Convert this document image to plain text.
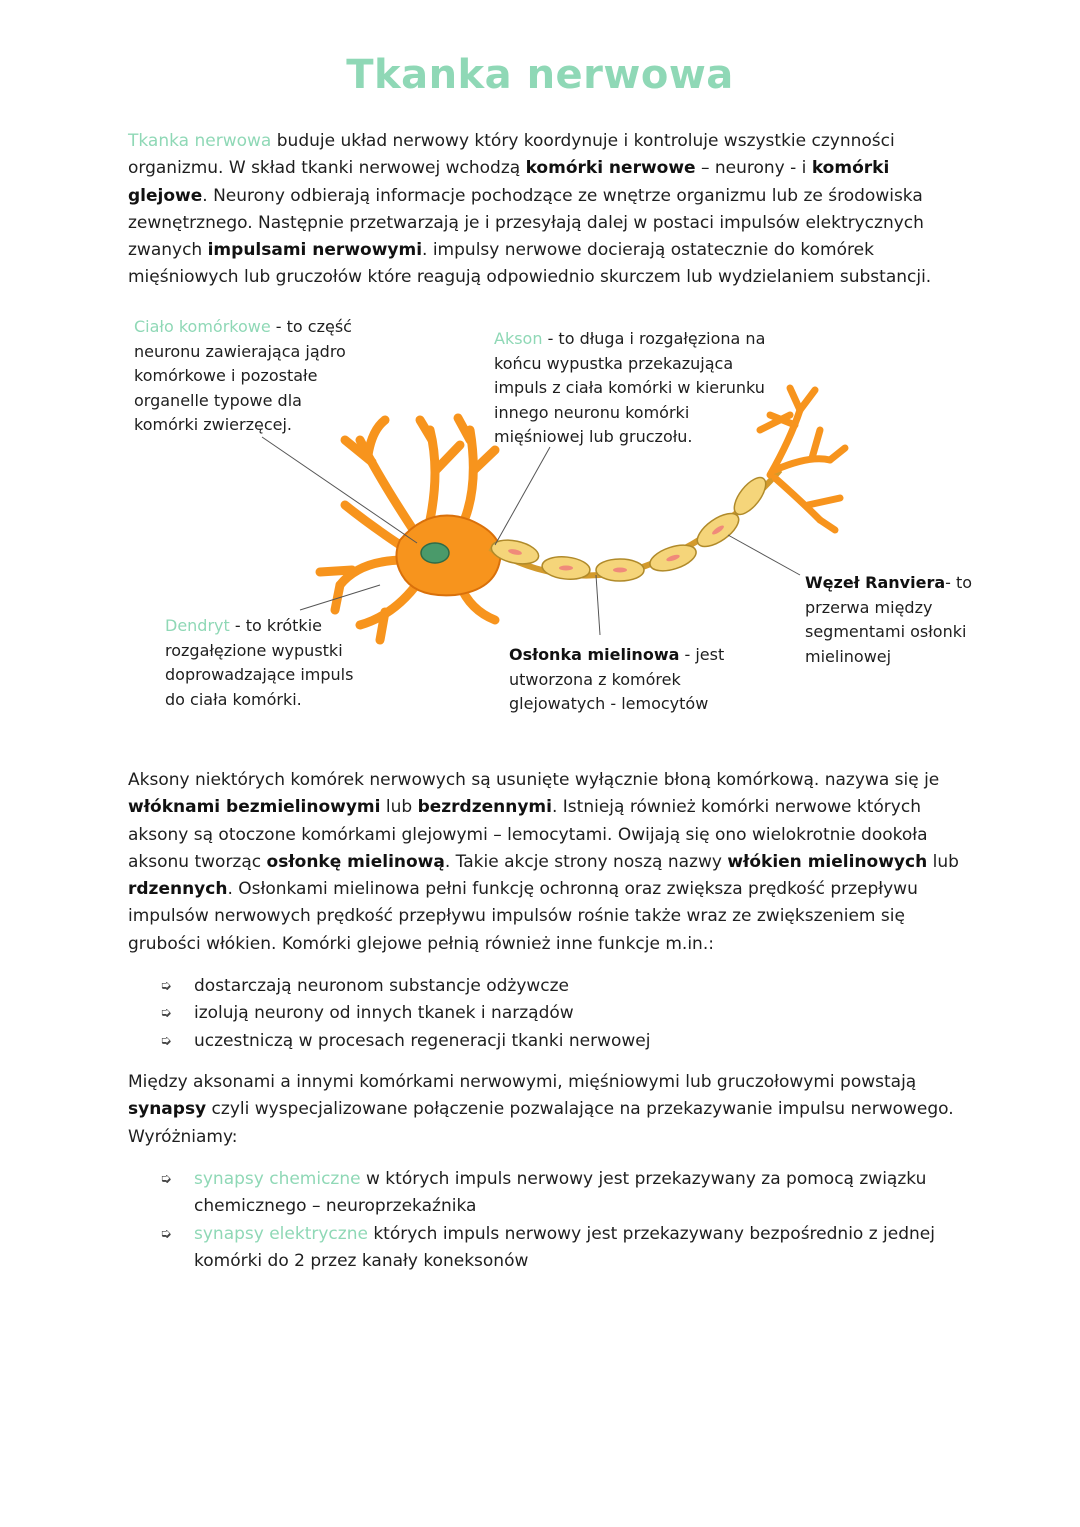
Tkanka nerwowa

Tkanka nerwowa buduje układ nerwowy który koordynuje i kontroluje wszystkie czynności organizmu. W skład tkanki nerwowej wchodzą komórki nerwowe – neurony - i komórki glejowe. Neurony odbierają informacje pochodzące ze wnętrze organizmu lub ze środowiska zewnętrznego. Następnie przetwarzają je i przesyłają dalej w postaci impulsów elektrycznych zwanych impulsami nerwowymi. impulsy nerwowe docierają ostatecznie do komórek mięśniowych lub gruczołów które reagują odpowiednio skurczem lub wydzielaniem substancji.

Ciało komórkowe - to część neuronu zawierająca jądro komórkowe i pozostałe organelle typowe dla komórki zwierzęcej.

Akson - to długa i rozgałęziona na końcu wypustka przekazująca impuls z ciała komórki w kierunku innego neuronu komórki mięśniowej lub gruczołu.

Dendryt - to krótkie rozgałęzione wypustki doprowadzające impuls do ciała komórki.

Osłonka mielinowa - jest utworzona z komórek glejowatych - lemocytów

Węzeł Ranviera- to przerwa między segmentami osłonki mielinowej

Aksony niektórych komórek nerwowych są usunięte wyłącznie błoną komórkową. nazywa się je włóknami bezmielinowymi lub bezrdzennymi. Istnieją również komórki nerwowe których aksony są otoczone komórkami glejowymi – lemocytami. Owijają się ono wielokrotnie dookoła aksonu tworząc osłonkę mielinową. Takie akcje strony noszą nazwy włókien mielinowych lub rdzennych. Osłonkami mielinowa pełni funkcję ochronną oraz zwiększa prędkość przepływu impulsów nerwowych prędkość przepływu impulsów rośnie także wraz ze zwiększeniem się grubości włókien. Komórki glejowe pełnią również inne funkcje m.in.:

➭ dostarczają neuronom substancje odżywcze
➭ izolują neurony od innych tkanek i narządów
➭ uczestniczą w procesach regeneracji tkanki nerwowej

Między aksonami a innymi komórkami nerwowymi, mięśniowymi lub gruczołowymi powstają synapsy czyli wyspecjalizowane połączenie pozwalające na przekazywanie impulsu nerwowego. Wyróżniamy:

➭ synapsy chemiczne w których impuls nerwowy jest przekazywany za pomocą związku chemicznego – neuroprzekaźnika
➭ synapsy elektryczne których impuls nerwowy jest przekazywany bezpośrednio z jednej komórki do 2 przez kanały koneksonów
